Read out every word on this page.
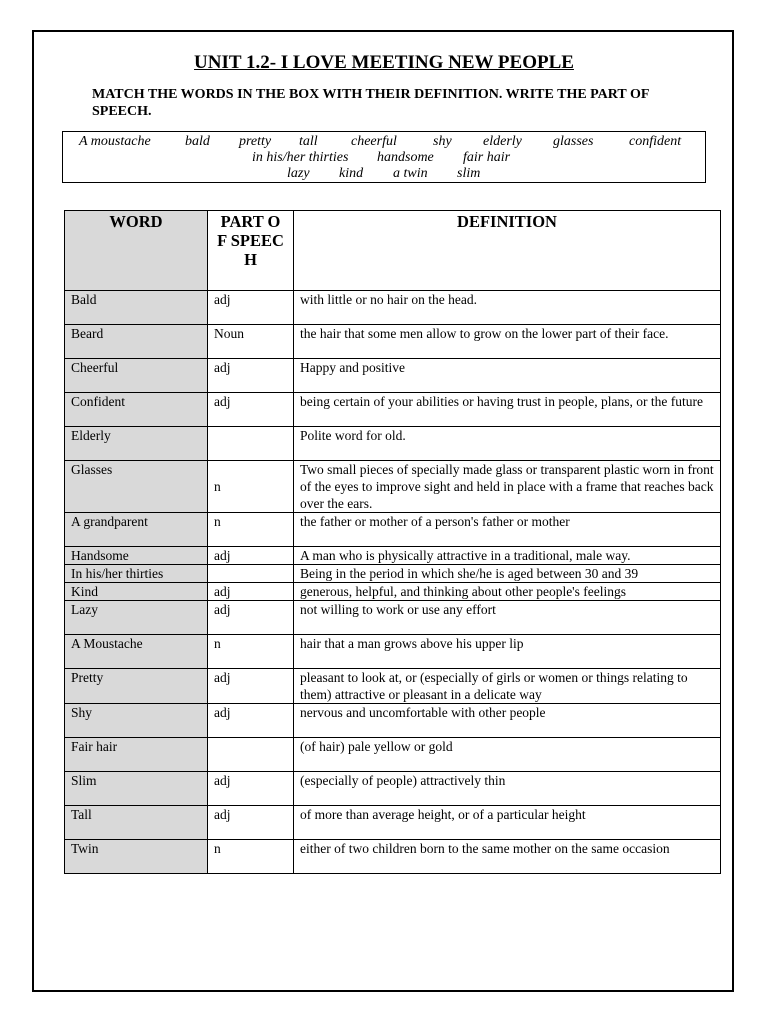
UNIT 1.2- I LOVE MEETING NEW PEOPLE
MATCH THE WORDS IN THE BOX WITH THEIR DEFINITION. WRITE THE PART OF SPEECH.
A moustache bald pretty tall cheerful	shy elderly glasses	confident
in his/her thirties handsome fair hair
lazy kind a twin slim
WORD	PART OF SPEECH	DEFINITION
Bald	adj	with little or no hair on the head.
Beard	Noun	the hair that some men allow to grow on the lower part of their face.
Cheerful	adj	Happy and positive
Confident	adj	being certain of your abilities or having trust in people, plans, or the future
Elderly		Polite word for old.
Glasses	n	Two small pieces of specially made glass or transparent plastic worn in front of the eyes to improve sight and held in place with a frame that reaches back over the ears.
A grandparent	n	the father or mother of a person's father or mother
Handsome	adj	A man who is physically attractive in a traditional, male way.
In his/her thirties		Being in the period in which she/he is aged between 30 and 39
Kind	adj	generous, helpful, and thinking about other people's feelings
Lazy	adj	not willing to work or use any effort
A Moustache	n	hair that a man grows above his upper lip
Pretty	adj	pleasant to look at, or (especially of girls or women or things relating to them) attractive or pleasant in a delicate way
Shy	adj	nervous and uncomfortable with other people
Fair hair		(of hair) pale yellow or gold
Slim	adj	(especially of people) attractively thin
Tall	adj	of more than average height, or of a particular height
Twin	n	either of two children born to the same mother on the same occasion
